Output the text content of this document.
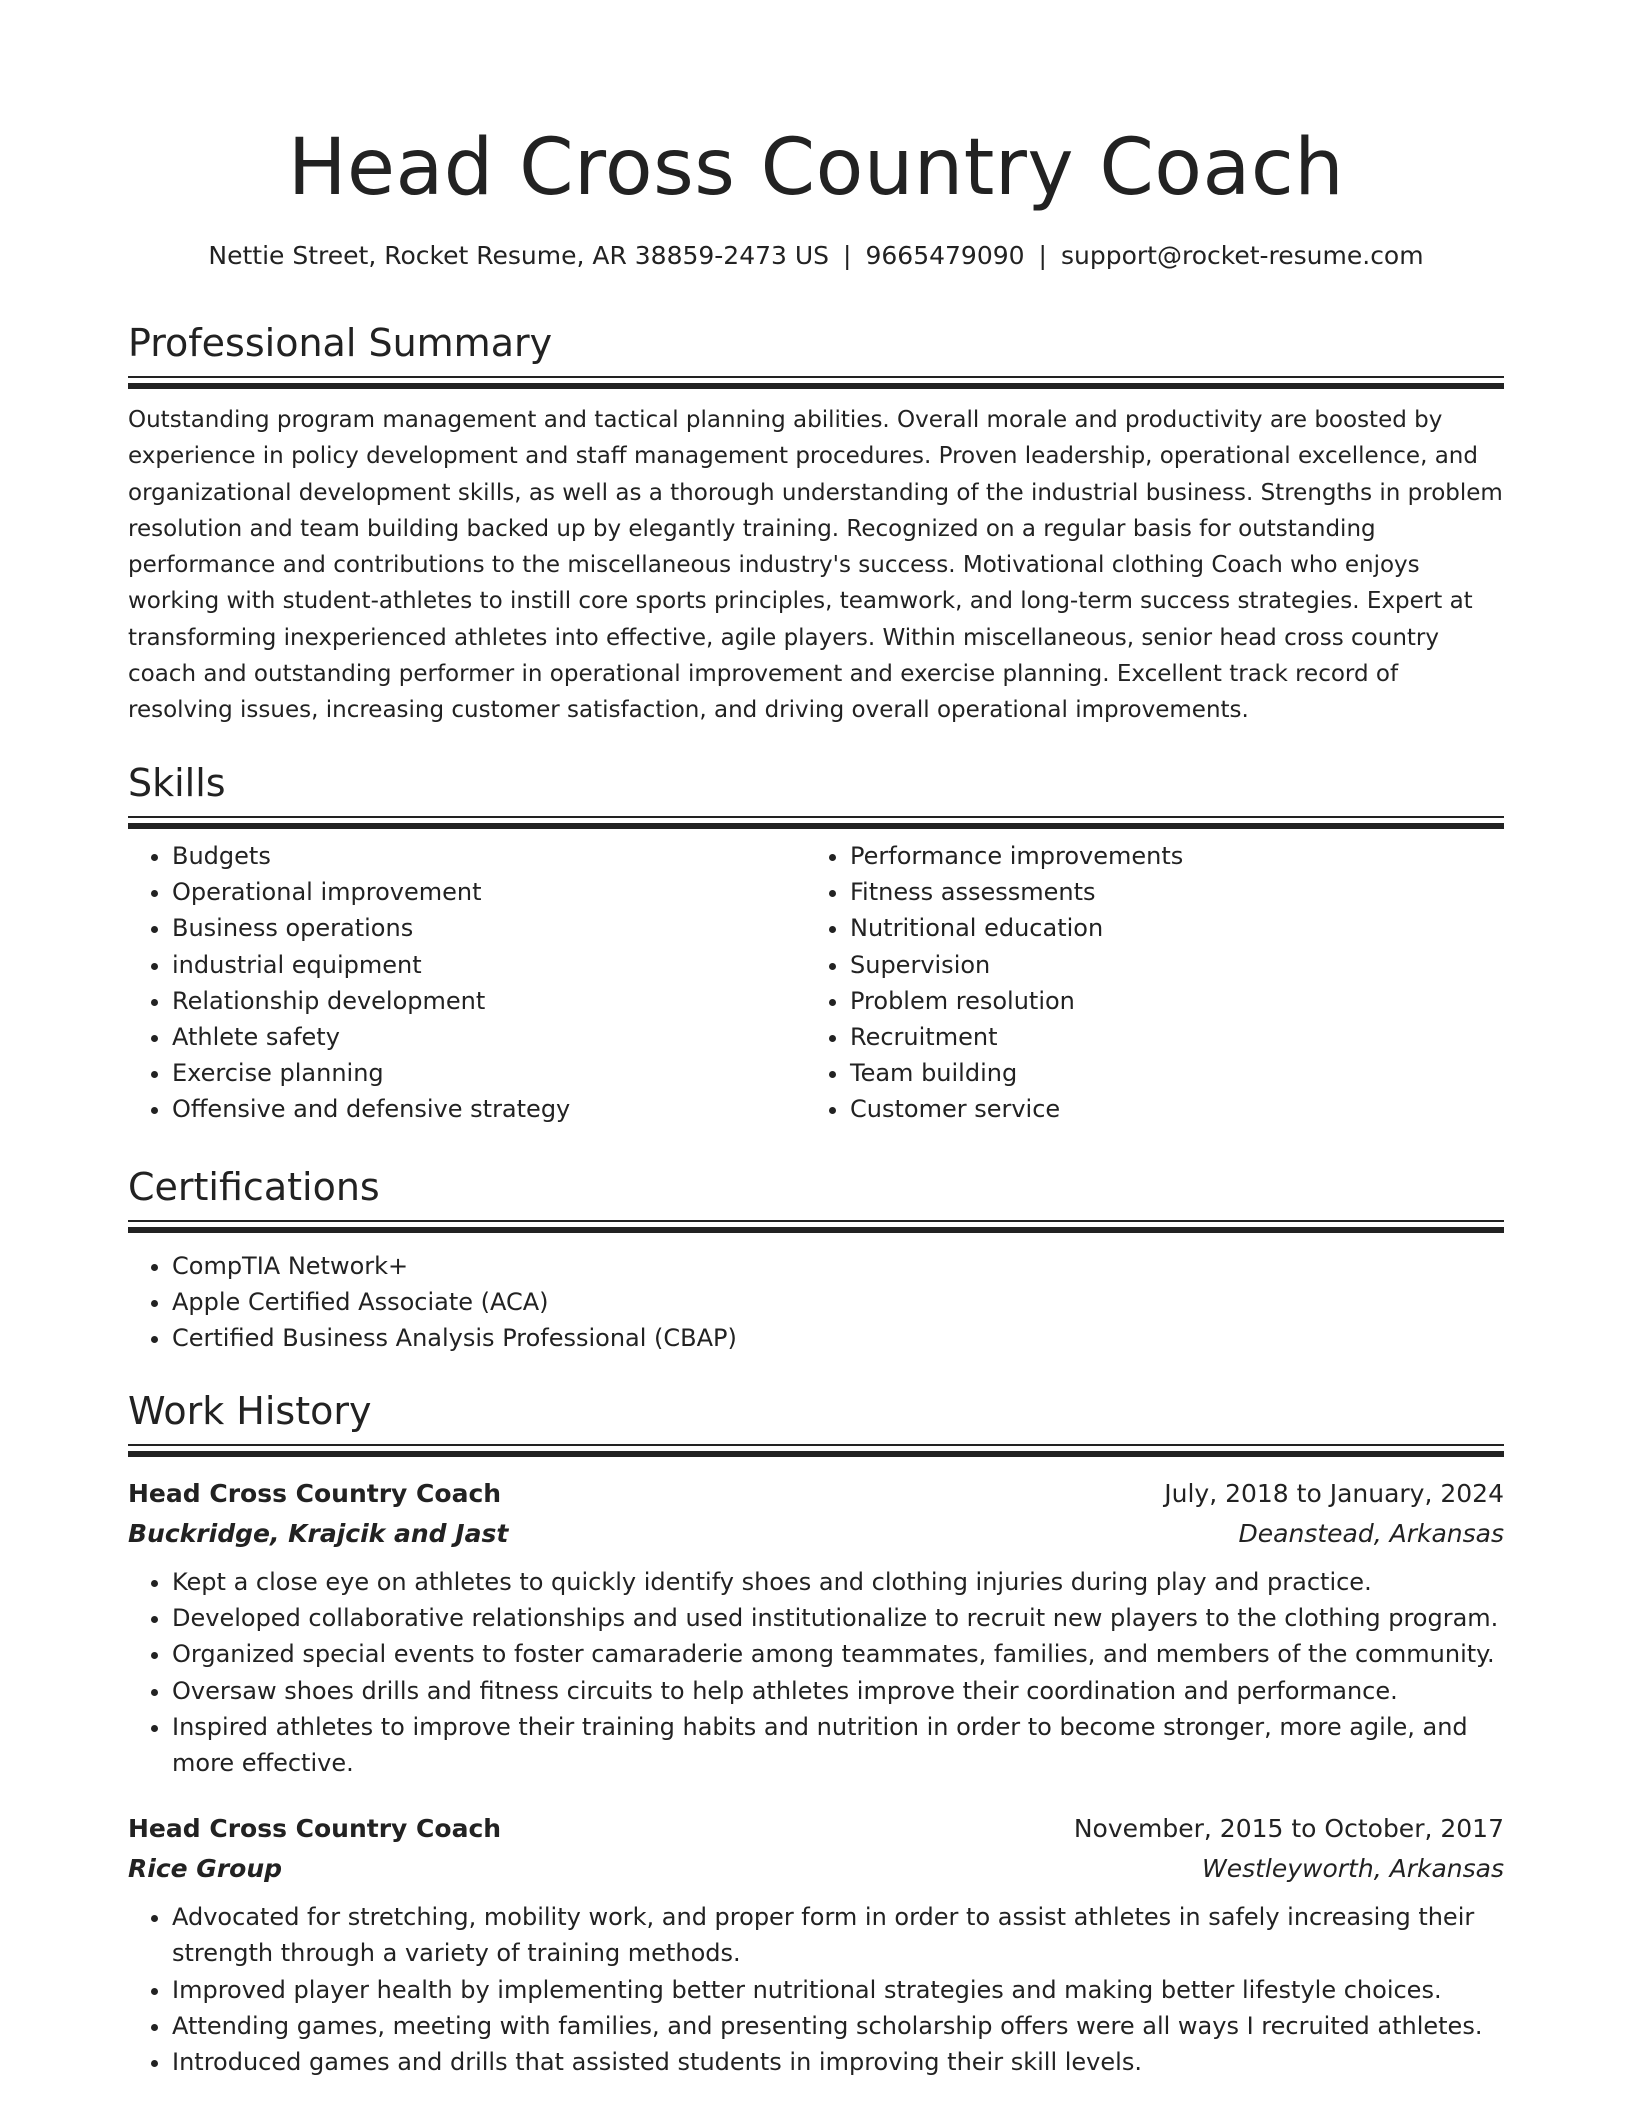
Head Cross Country Coach
Nettie Street, Rocket Resume, AR 38859-2473 US | 9665479090 | support@rocket-resume.com
Professional Summary

Outstanding program management and tactical planning abilities. Overall morale and productivity are boosted by experience in policy development and staff management procedures. Proven leadership, operational excellence, and organizational development skills, as well as a thorough understanding of the industrial business. Strengths in problem resolution and team building backed up by elegantly training. Recognized on a regular basis for outstanding performance and contributions to the miscellaneous industry's success. Motivational clothing Coach who enjoys working with student-athletes to instill core sports principles, teamwork, and long-term success strategies. Expert at transforming inexperienced athletes into effective, agile players. Within miscellaneous, senior head cross country coach and outstanding performer in operational improvement and exercise planning. Excellent track record of resolving issues, increasing customer satisfaction, and driving overall operational improvements.

Skills
• Budgets
• Operational improvement
• Business operations
• industrial equipment
• Relationship development
• Athlete safety
• Exercise planning
• Offensive and defensive strategy
• Performance improvements
• Fitness assessments
• Nutritional education
• Supervision
• Problem resolution
• Recruitment
• Team building
• Customer service
Certifications
• CompTIA Network+
• Apple Certified Associate (ACA)
• Certified Business Analysis Professional (CBAP)
Work History
Head Cross Country Coach	July, 2018 to January, 2024
Buckridge, Krajcik and Jast	Deanstead, Arkansas
• Kept a close eye on athletes to quickly identify shoes and clothing injuries during play and practice.
• Developed collaborative relationships and used institutionalize to recruit new players to the clothing program.
• Organized special events to foster camaraderie among teammates, families, and members of the community.
• Oversaw shoes drills and fitness circuits to help athletes improve their coordination and performance.
• Inspired athletes to improve their training habits and nutrition in order to become stronger, more agile, and more effective.
Head Cross Country Coach	November, 2015 to October, 2017
Rice Group	Westleyworth, Arkansas
• Advocated for stretching, mobility work, and proper form in order to assist athletes in safely increasing their strength through a variety of training methods.
• Improved player health by implementing better nutritional strategies and making better lifestyle choices.
• Attending games, meeting with families, and presenting scholarship offers were all ways I recruited athletes.
• Introduced games and drills that assisted students in improving their skill levels.
